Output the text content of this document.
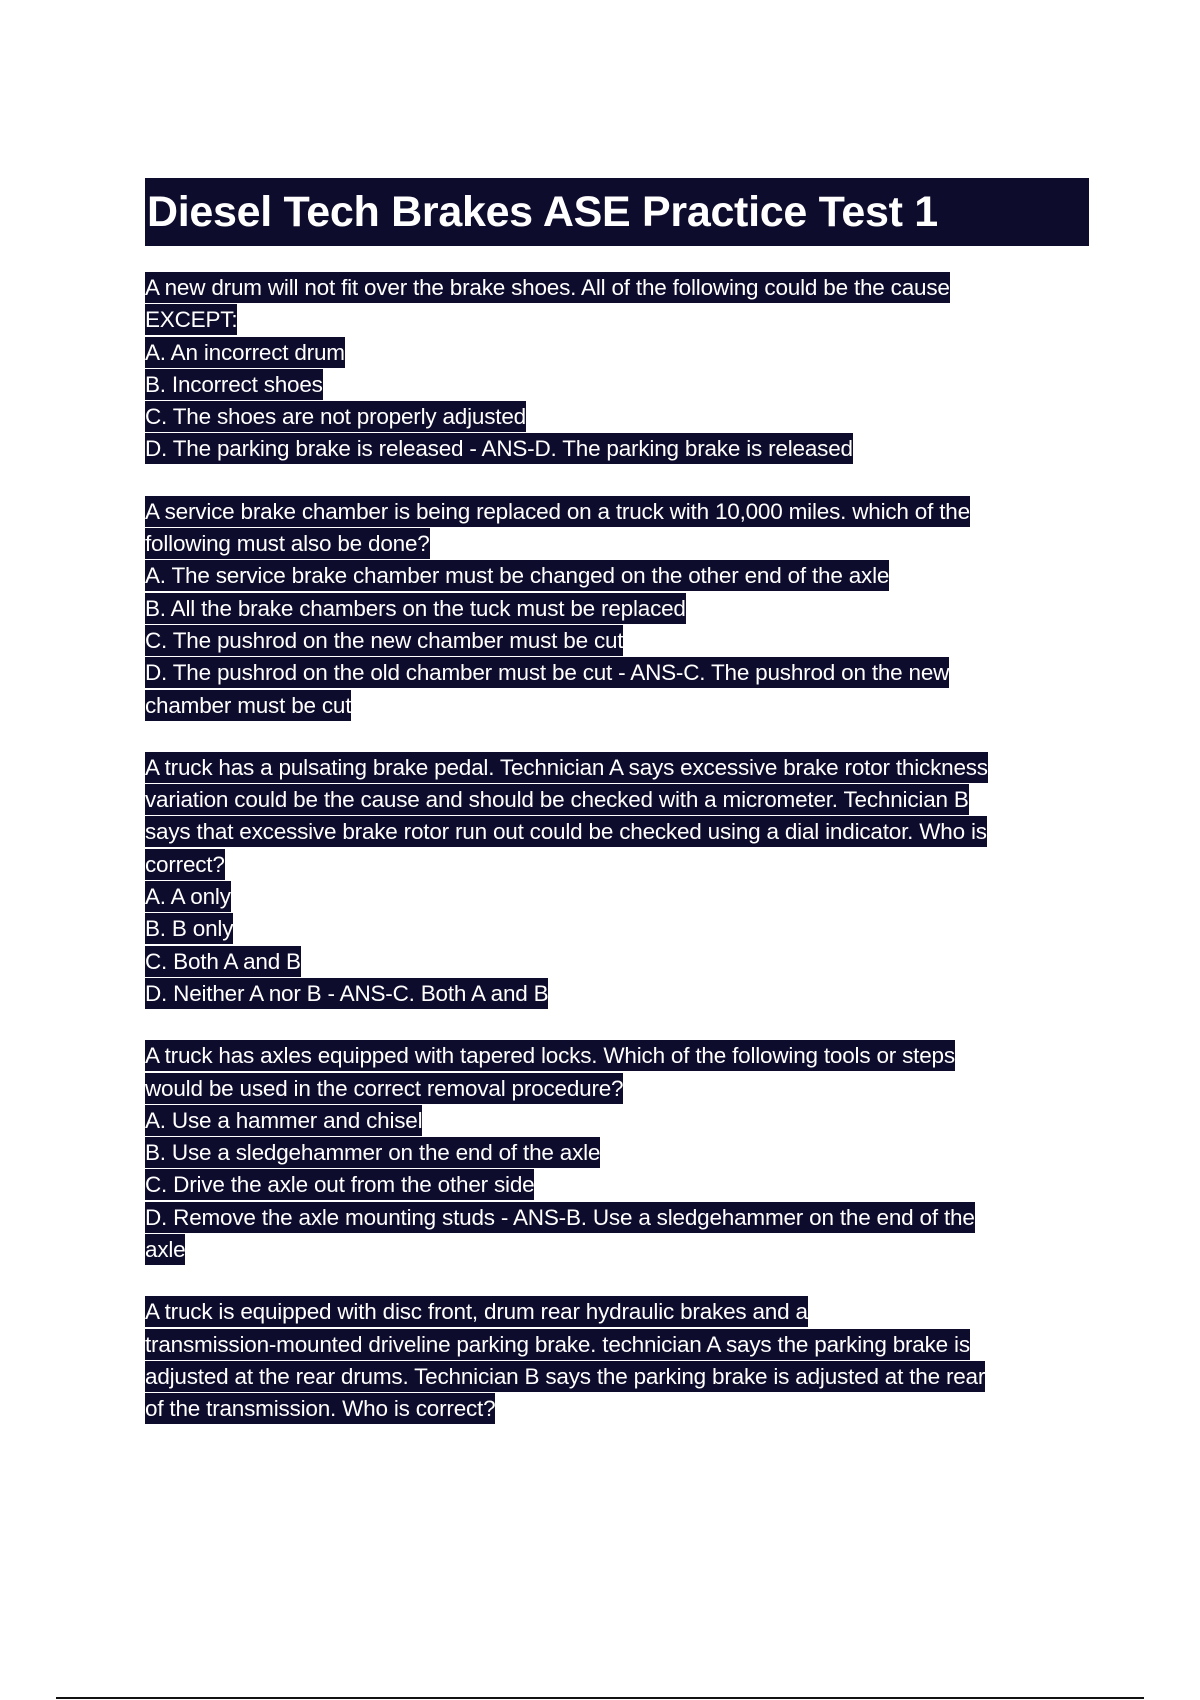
Diesel Tech Brakes ASE Practice Test 1
A new drum will not fit over the brake shoes. All of the following could be the cause
EXCEPT:
A. An incorrect drum
B. Incorrect shoes
C. The shoes are not properly adjusted
D. The parking brake is released - ANS-D. The parking brake is released
A service brake chamber is being replaced on a truck with 10,000 miles. which of the
following must also be done?
A. The service brake chamber must be changed on the other end of the axle
B. All the brake chambers on the tuck must be replaced
C. The pushrod on the new chamber must be cut
D. The pushrod on the old chamber must be cut - ANS-C. The pushrod on the new
chamber must be cut
A truck has a pulsating brake pedal. Technician A says excessive brake rotor thickness
variation could be the cause and should be checked with a micrometer. Technician B
says that excessive brake rotor run out could be checked using a dial indicator. Who is
correct?
A. A only
B. B only
C. Both A and B
D. Neither A nor B - ANS-C. Both A and B
A truck has axles equipped with tapered locks. Which of the following tools or steps
would be used in the correct removal procedure?
A. Use a hammer and chisel
B. Use a sledgehammer on the end of the axle
C. Drive the axle out from the other side
D. Remove the axle mounting studs - ANS-B. Use a sledgehammer on the end of the
axle
A truck is equipped with disc front, drum rear hydraulic brakes and a
transmission-mounted driveline parking brake. technician A says the parking brake is
adjusted at the rear drums. Technician B says the parking brake is adjusted at the rear
of the transmission. Who is correct?
